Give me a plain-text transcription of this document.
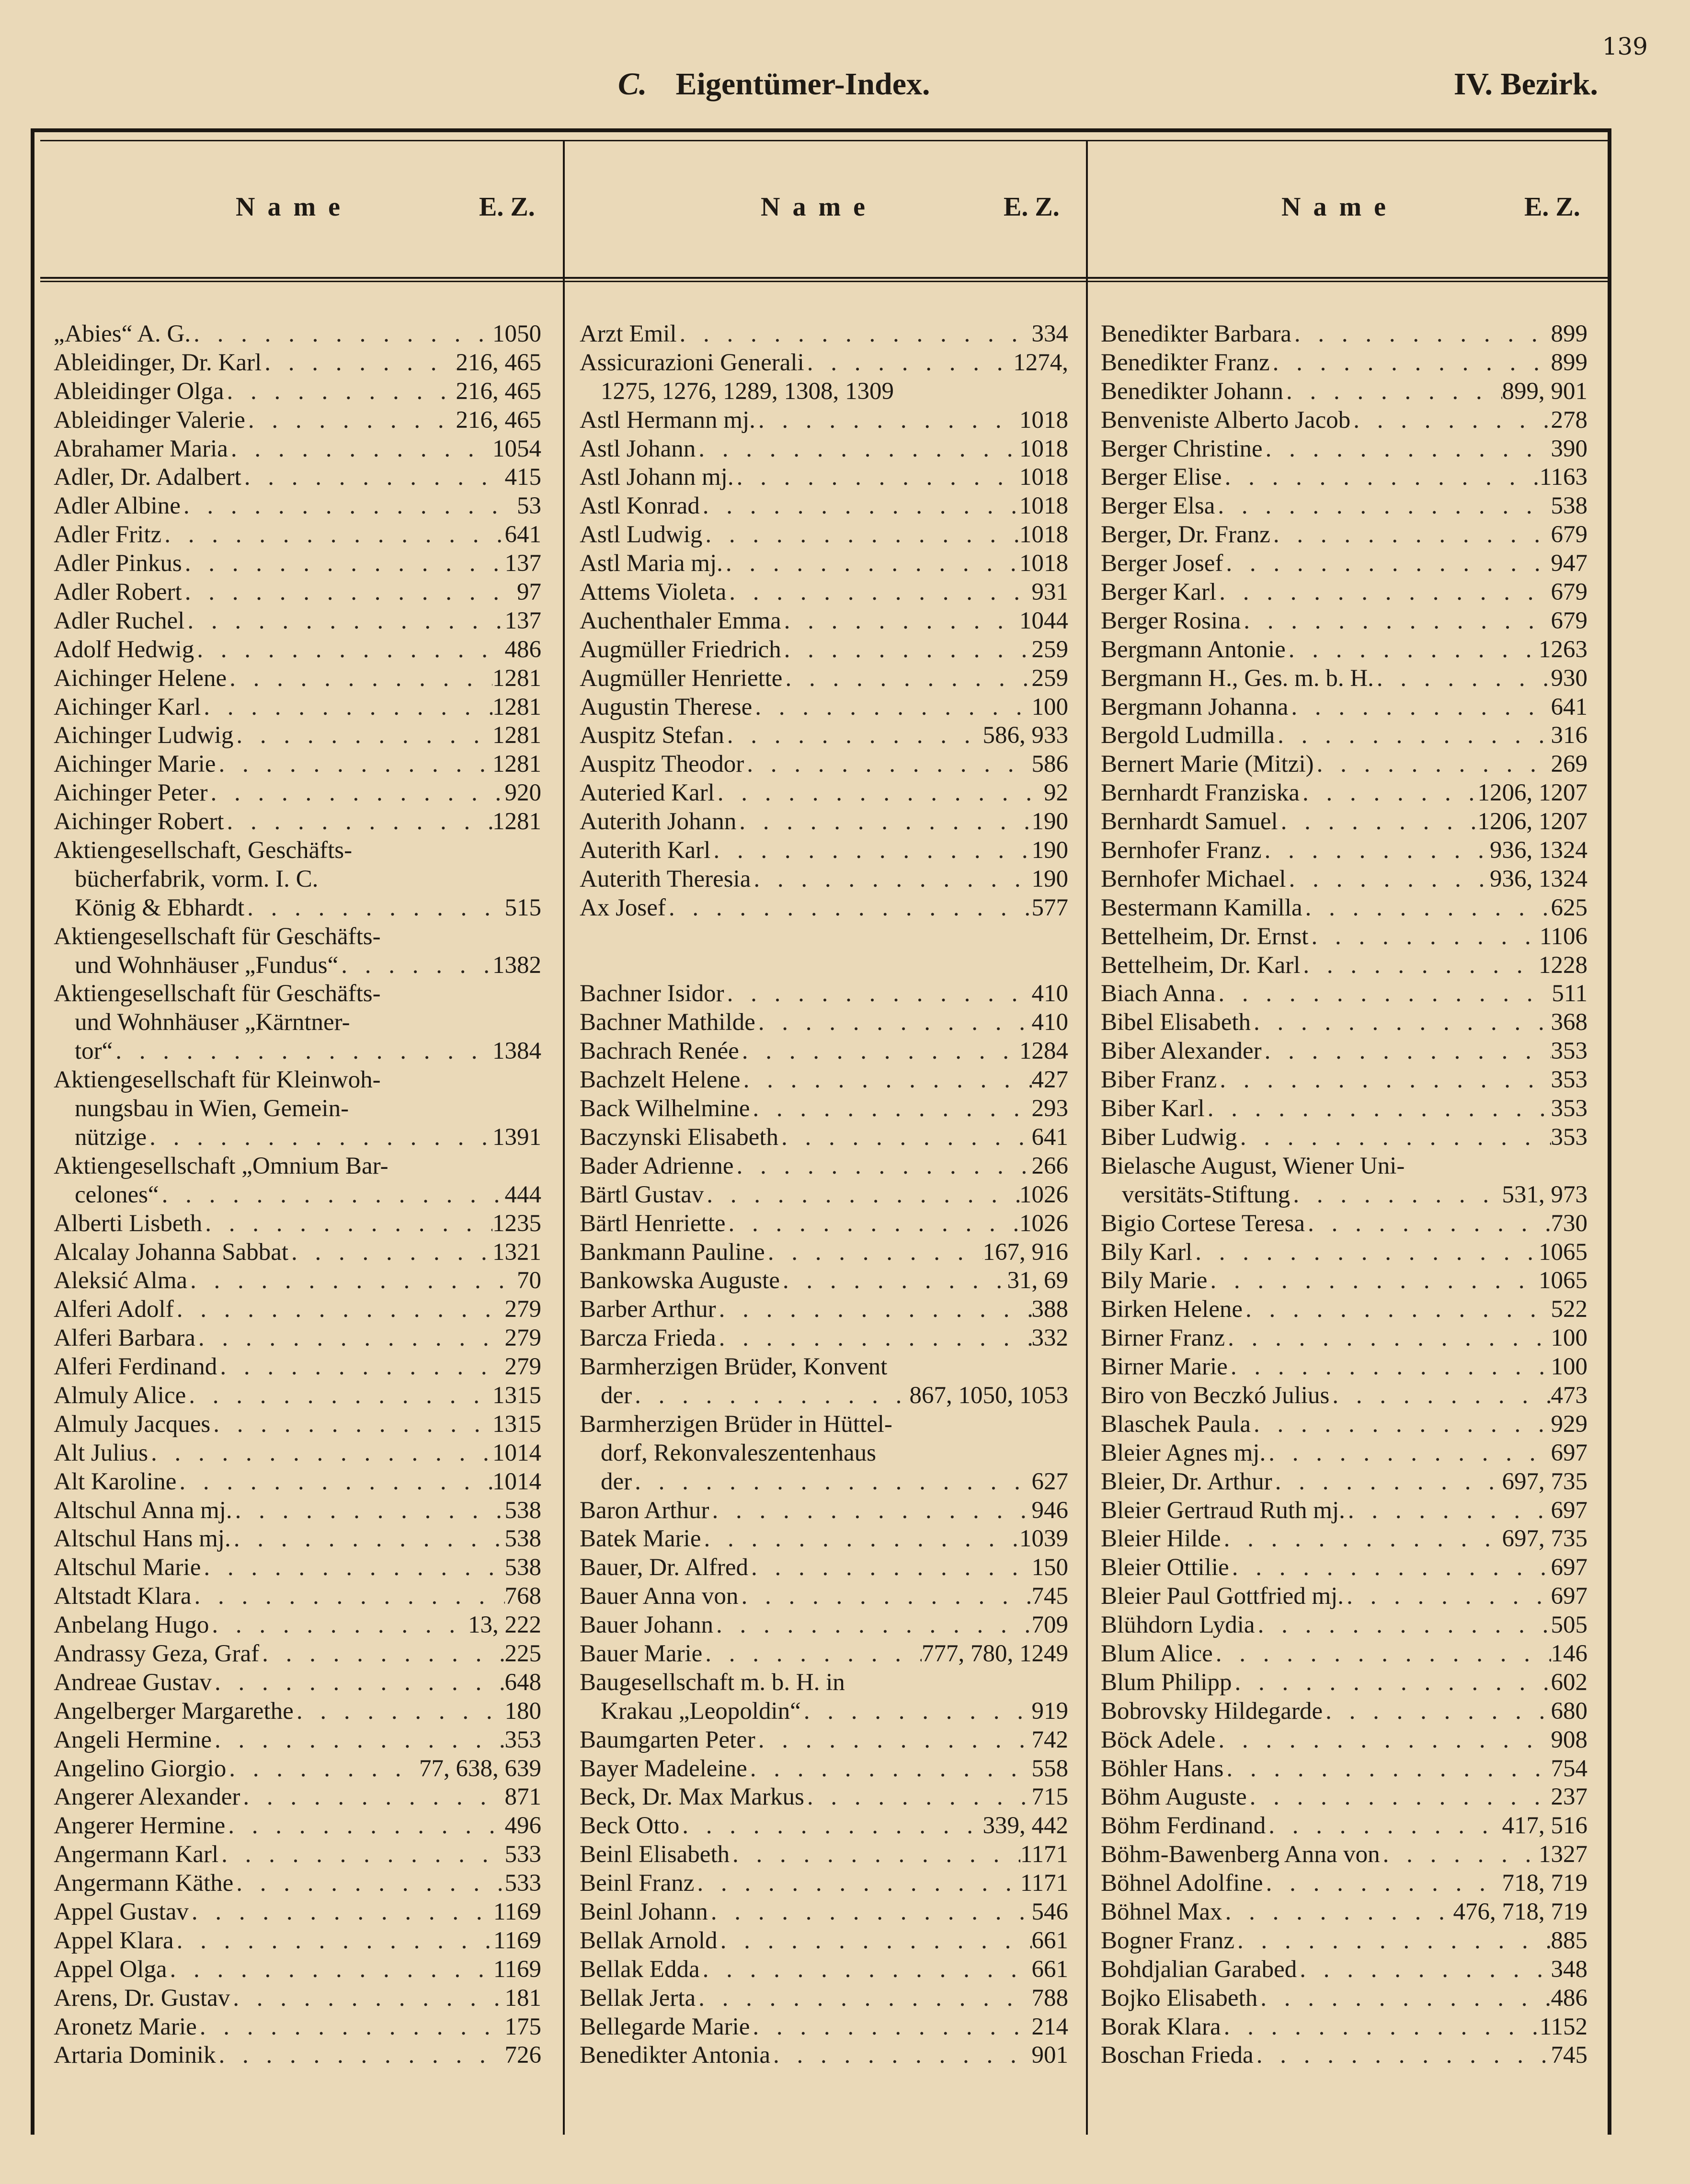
139
C. Eigentümer-Index.	IV. Bezirk.
Name	E. Z.	Name	E. Z.	Name	E. Z.
„Abies“ A. G. . . .	1050
Ableidinger, Dr. Karl . . .	216, 465
Ableidinger Olga . . .	216, 465
Ableidinger Valerie . . .	216, 465
Abrahamer Maria . . .	1054
Adler, Dr. Adalbert . . .	415
Adler Albine . . .	53
Adler Fritz . . .	641
Adler Pinkus . . .	137
Adler Robert . . .	97
Adler Ruchel . . .	137
Adolf Hedwig . . .	486
Aichinger Helene . . .	1281
Aichinger Karl . . .	1281
Aichinger Ludwig . . .	1281
Aichinger Marie . . .	1281
Aichinger Peter . . .	920
Aichinger Robert . . .	1281
Aktiengesellschaft, Geschäfts-
bücherfabrik, vorm. I. C.
König & Ebhardt . . .	515
Aktiengesellschaft für Geschäfts-
und Wohnhäuser „Fundus“ . . .	1382
Aktiengesellschaft für Geschäfts-
und Wohnhäuser „Kärntner-
tor“ . . .	1384
Aktiengesellschaft für Kleinwoh-
nungsbau in Wien, Gemein-
nützige . . .	1391
Aktiengesellschaft „Omnium Bar-
celones“ . . .	444
Alberti Lisbeth . . .	1235
Alcalay Johanna Sabbat . . .	1321
Aleksić Alma . . .	70
Alferi Adolf . . .	279
Alferi Barbara . . .	279
Alferi Ferdinand . . .	279
Almuly Alice . . .	1315
Almuly Jacques . . .	1315
Alt Julius . . .	1014
Alt Karoline . . .	1014
Altschul Anna mj. . . .	538
Altschul Hans mj. . . .	538
Altschul Marie . . .	538
Altstadt Klara . . .	768
Anbelang Hugo . . .	13, 222
Andrassy Geza, Graf . . .	225
Andreae Gustav . . .	648
Angelberger Margarethe . . .	180
Angeli Hermine . . .	353
Angelino Giorgio . . .	77, 638, 639
Angerer Alexander . . .	871
Angerer Hermine . . .	496
Angermann Karl . . .	533
Angermann Käthe . . .	533
Appel Gustav . . .	1169
Appel Klara . . .	1169
Appel Olga . . .	1169
Arens, Dr. Gustav . . .	181
Aronetz Marie . . .	175
Artaria Dominik . . .	726
Arzt Emil . . .	334
Assicurazioni Generali . . .	1274,
1275, 1276, 1289, 1308, 1309
Astl Hermann mj. . . .	1018
Astl Johann . . .	1018
Astl Johann mj. . . .	1018
Astl Konrad . . .	1018
Astl Ludwig . . .	1018
Astl Maria mj. . . .	1018
Attems Violeta . . .	931
Auchenthaler Emma . . .	1044
Augmüller Friedrich . . .	259
Augmüller Henriette . . .	259
Augustin Therese . . .	100
Auspitz Stefan . . .	586, 933
Auspitz Theodor . . .	586
Auteried Karl . . .	92
Auterith Johann . . .	190
Auterith Karl . . .	190
Auterith Theresia . . .	190
Ax Josef . . .	577
Bachner Isidor . . .	410
Bachner Mathilde . . .	410
Bachrach Renée . . .	1284
Bachzelt Helene . . .	427
Back Wilhelmine . . .	293
Baczynski Elisabeth . . .	641
Bader Adrienne . . .	266
Bärtl Gustav . . .	1026
Bärtl Henriette . . .	1026
Bankmann Pauline . . .	167, 916
Bankowska Auguste . . .	31, 69
Barber Arthur . . .	388
Barcza Frieda . . .	332
Barmherzigen Brüder, Konvent
der . . .	867, 1050, 1053
Barmherzigen Brüder in Hüttel-
dorf, Rekonvaleszentenhaus
der . . .	627
Baron Arthur . . .	946
Batek Marie . . .	1039
Bauer, Dr. Alfred . . .	150
Bauer Anna von . . .	745
Bauer Johann . . .	709
Bauer Marie . . .	777, 780, 1249
Baugesellschaft m. b. H. in
Krakau „Leopoldin“ . . .	919
Baumgarten Peter . . .	742
Bayer Madeleine . . .	558
Beck, Dr. Max Markus . . .	715
Beck Otto . . .	339, 442
Beinl Elisabeth . . .	1171
Beinl Franz . . .	1171
Beinl Johann . . .	546
Bellak Arnold . . .	661
Bellak Edda . . .	661
Bellak Jerta . . .	788
Bellegarde Marie . . .	214
Benedikter Antonia . . .	901
Benedikter Barbara . . .	899
Benedikter Franz . . .	899
Benedikter Johann . . .	899, 901
Benveniste Alberto Jacob . . .	278
Berger Christine . . .	390
Berger Elise . . .	1163
Berger Elsa . . .	538
Berger, Dr. Franz . . .	679
Berger Josef . . .	947
Berger Karl . . .	679
Berger Rosina . . .	679
Bergmann Antonie . . .	1263
Bergmann H., Ges. m. b. H. . . .	930
Bergmann Johanna . . .	641
Bergold Ludmilla . . .	316
Bernert Marie (Mitzi) . . .	269
Bernhardt Franziska . . .	1206, 1207
Bernhardt Samuel . . .	1206, 1207
Bernhofer Franz . . .	936, 1324
Bernhofer Michael . . .	936, 1324
Bestermann Kamilla . . .	625
Bettelheim, Dr. Ernst . . .	1106
Bettelheim, Dr. Karl . . .	1228
Biach Anna . . .	511
Bibel Elisabeth . . .	368
Biber Alexander . . .	353
Biber Franz . . .	353
Biber Karl . . .	353
Biber Ludwig . . .	353
Bielasche August, Wiener Uni-
versitäts-Stiftung . . .	531, 973
Bigio Cortese Teresa . . .	730
Bily Karl . . .	1065
Bily Marie . . .	1065
Birken Helene . . .	522
Birner Franz . . .	100
Birner Marie . . .	100
Biro von Beczkó Julius . . .	473
Blaschek Paula . . .	929
Bleier Agnes mj. . . .	697
Bleier, Dr. Arthur . . .	697, 735
Bleier Gertraud Ruth mj. . . .	697
Bleier Hilde . . .	697, 735
Bleier Ottilie . . .	697
Bleier Paul Gottfried mj. . . .	697
Blühdorn Lydia . . .	505
Blum Alice . . .	146
Blum Philipp . . .	602
Bobrovsky Hildegarde . . .	680
Böck Adele . . .	908
Böhler Hans . . .	754
Böhm Auguste . . .	237
Böhm Ferdinand . . .	417, 516
Böhm-Bawenberg Anna von . . .	1327
Böhnel Adolfine . . .	718, 719
Böhnel Max . . .	476, 718, 719
Bogner Franz . . .	885
Bohdjalian Garabed . . .	348
Bojko Elisabeth . . .	486
Borak Klara . . .	1152
Boschan Frieda . . .	745
